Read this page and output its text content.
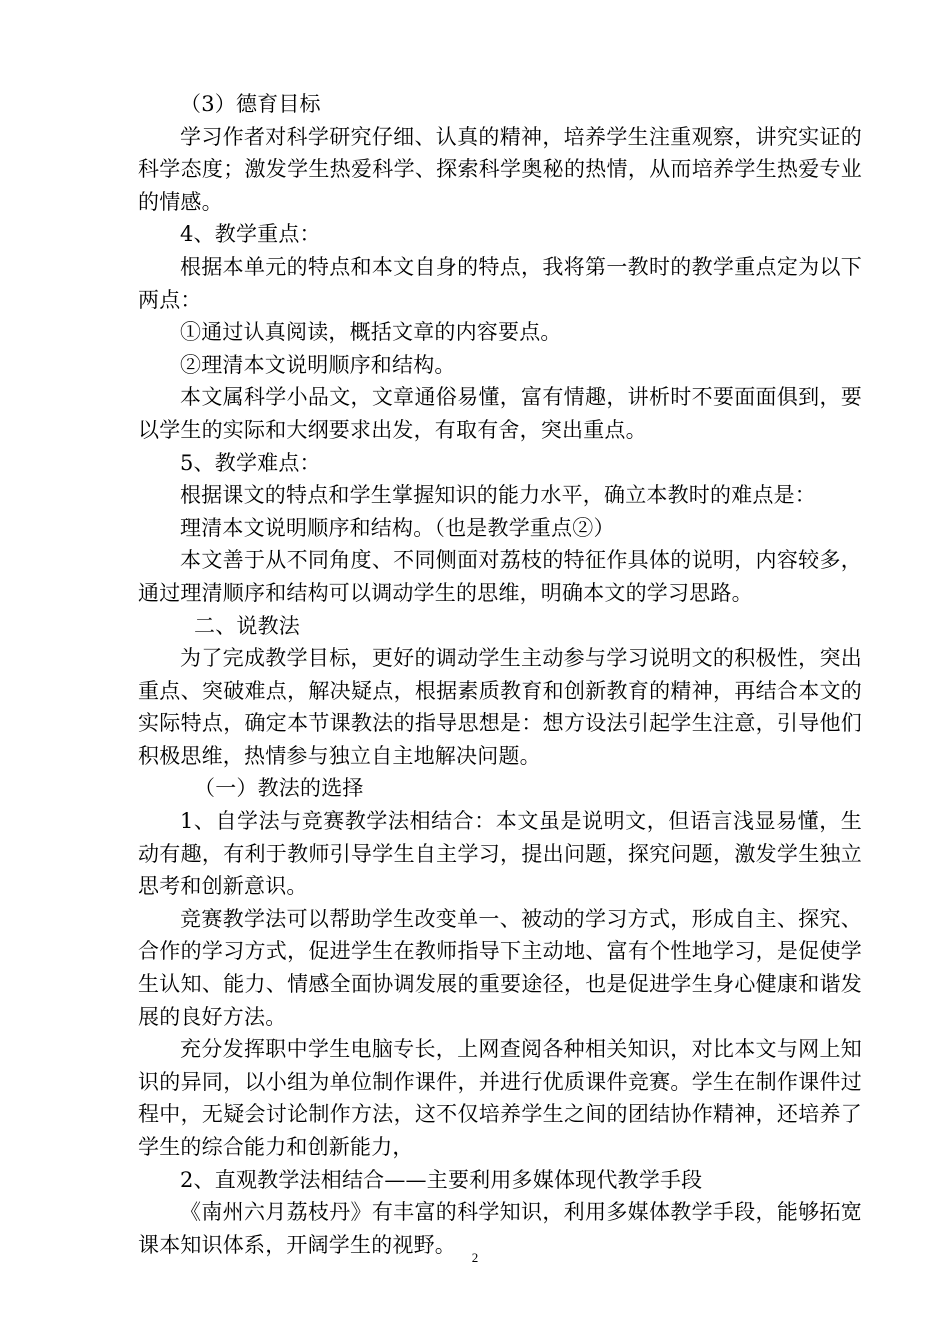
（3）德育目标

学习作者对科学研究仔细、认真的精神，培养学生注重观察，讲究实证的科学态度；激发学生热爱科学、探索科学奥秘的热情，从而培养学生热爱专业的情感。

4、教学重点：

根据本单元的特点和本文自身的特点，我将第一教时的教学重点定为以下两点：

①通过认真阅读，概括文章的内容要点。

②理清本文说明顺序和结构。

本文属科学小品文，文章通俗易懂，富有情趣，讲析时不要面面俱到，要以学生的实际和大纲要求出发，有取有舍，突出重点。

5、教学难点：

根据课文的特点和学生掌握知识的能力水平，确立本教时的难点是：

理清本文说明顺序和结构。（也是教学重点②）

本文善于从不同角度、不同侧面对荔枝的特征作具体的说明，内容较多，通过理清顺序和结构可以调动学生的思维，明确本文的学习思路。

二、说教法

为了完成教学目标，更好的调动学生主动参与学习说明文的积极性，突出重点、突破难点，解决疑点，根据素质教育和创新教育的精神，再结合本文的实际特点，确定本节课教法的指导思想是：想方设法引起学生注意，引导他们积极思维，热情参与独立自主地解决问题。

（一）教法的选择

1、自学法与竞赛教学法相结合：本文虽是说明文，但语言浅显易懂，生动有趣，有利于教师引导学生自主学习，提出问题，探究问题，激发学生独立思考和创新意识。

竞赛教学法可以帮助学生改变单一、被动的学习方式，形成自主、探究、合作的学习方式，促进学生在教师指导下主动地、富有个性地学习，是促使学生认知、能力、情感全面协调发展的重要途径，也是促进学生身心健康和谐发展的良好方法。

充分发挥职中学生电脑专长，上网查阅各种相关知识，对比本文与网上知识的异同，以小组为单位制作课件，并进行优质课件竞赛。学生在制作课件过程中，无疑会讨论制作方法，这不仅培养学生之间的团结协作精神，还培养了学生的综合能力和创新能力，

2、直观教学法相结合——主要利用多媒体现代教学手段

《南州六月荔枝丹》有丰富的科学知识，利用多媒体教学手段，能够拓宽课本知识体系，开阔学生的视野。

2
